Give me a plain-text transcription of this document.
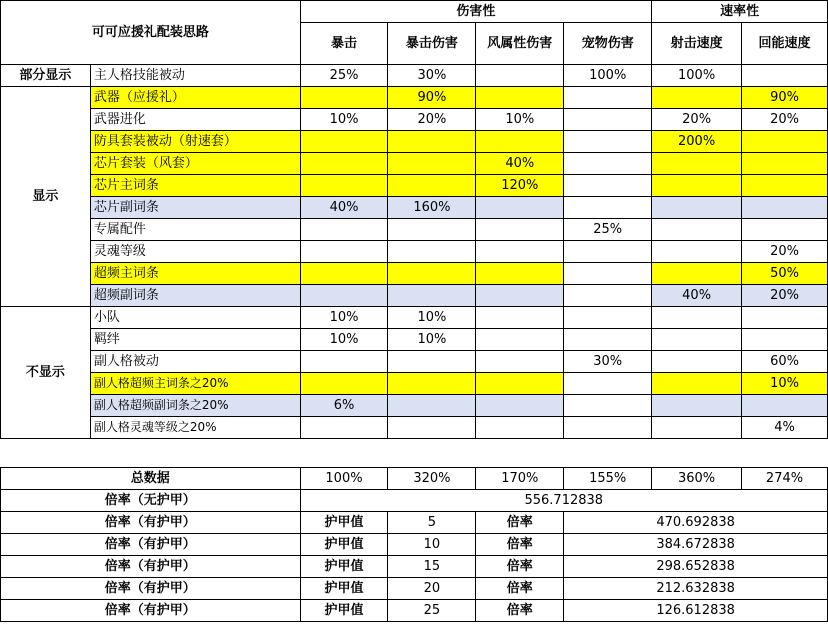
可可应援礼配装思路		伤害性				速率性	
		暴击	暴击伤害	风属性伤害	宠物伤害	射击速度	回能速度
部分显示	主人格技能被动	25%	30%		100%	100%	
显示	武器（应援礼）		90%				90%
	武器进化	10%	20%	10%		20%	20%
	防具套装被动（射速套）					200%	
	芯片套装（风套）			40%			
	芯片主词条			120%			
	芯片副词条	40%	160%				
	专属配件				25%		
	灵魂等级						20%
	超频主词条						50%
	超频副词条					40%	20%
不显示	小队	10%	10%				
	羁绊	10%	10%				
	副人格被动				30%		60%
	副人格超频主词条之20%						10%
	副人格超频副词条之20%	6%					
	副人格灵魂等级之20%						4%
总数据	100%	320%	170%	155%	360%	274%
倍率（无护甲）	556.712838					
倍率（有护甲）	护甲值	5	倍率	470.692838		
倍率（有护甲）	护甲值	10	倍率	384.672838		
倍率（有护甲）	护甲值	15	倍率	298.652838		
倍率（有护甲）	护甲值	20	倍率	212.632838		
倍率（有护甲）	护甲值	25	倍率	126.612838		
